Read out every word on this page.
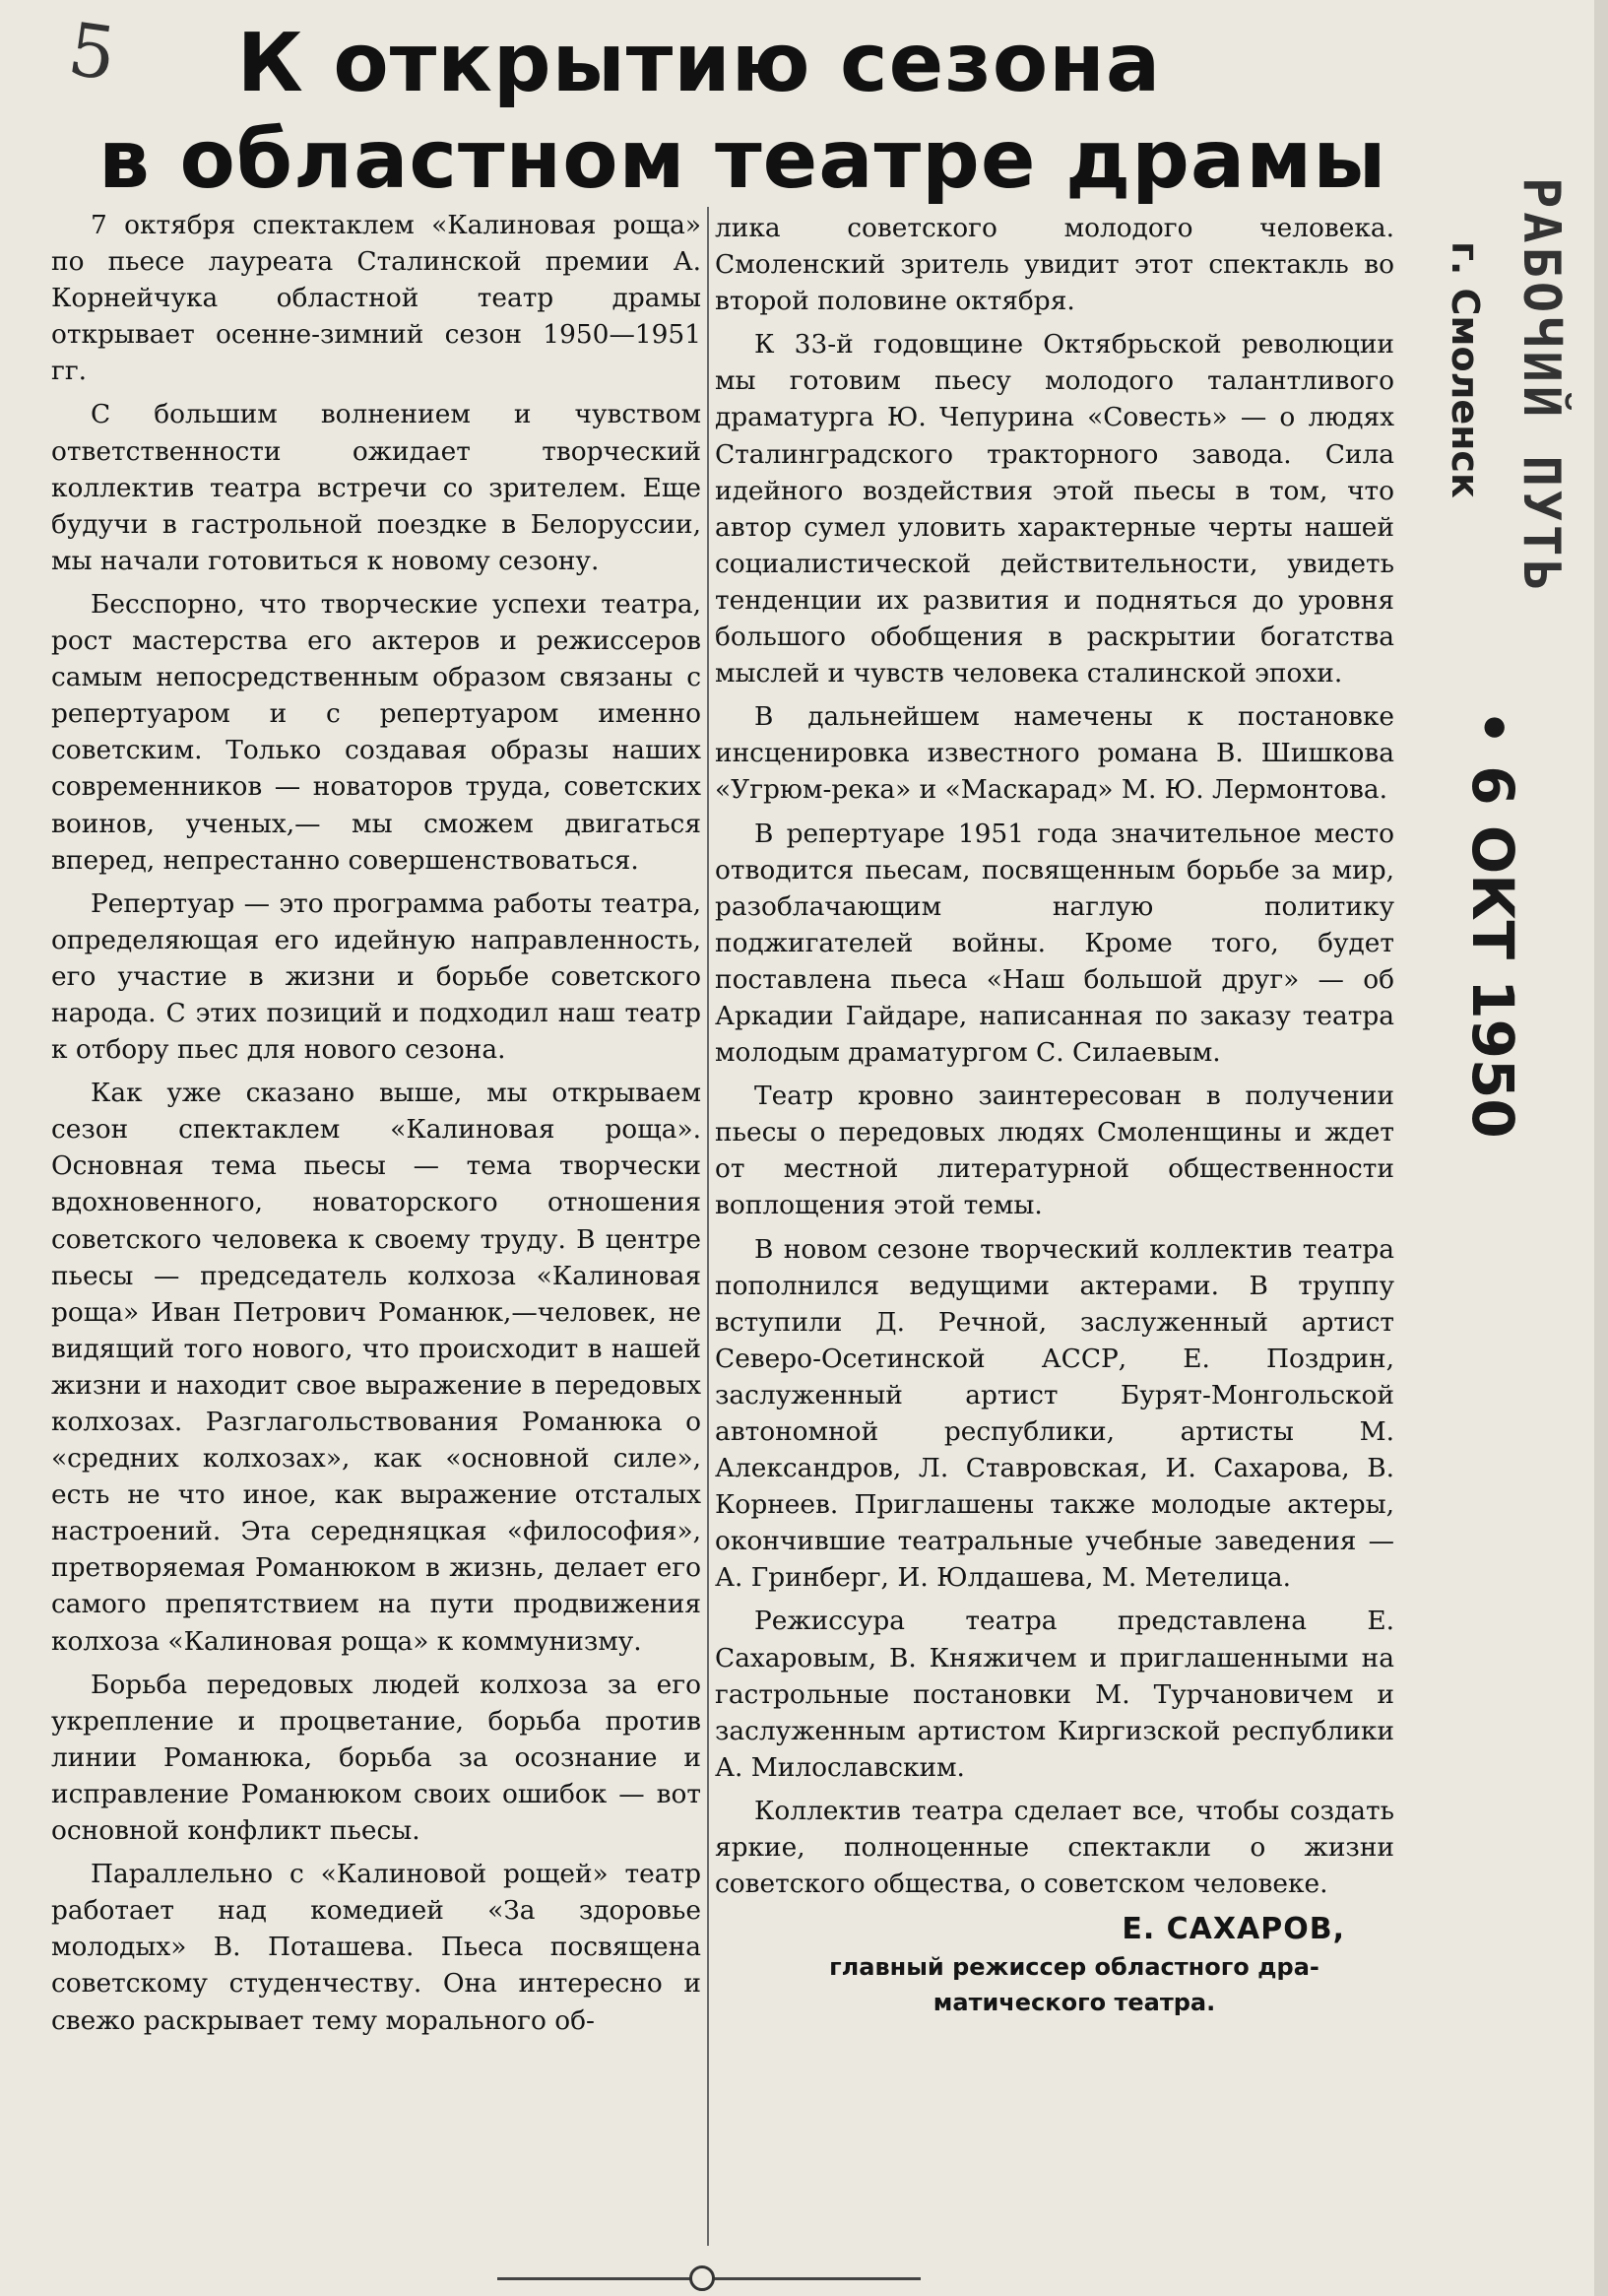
5	К открытию сезона
в областном театре драмы

7 октября спектаклем «Калиновая роща» по пьесе лауреата Сталинской премии А. Корнейчука областной театр драмы открывает осенне-зимний сезон 1950—1951 гг.

С большим волнением и чувством ответственности ожидает творческий коллектив театра встречи со зрителем. Еще будучи в гастрольной поездке в Белоруссии, мы начали готовиться к новому сезону.

Бесспорно, что творческие успехи театра, рост мастерства его актеров и режиссеров самым непосредственным образом связаны с репертуаром и с репертуаром именно советским. Только создавая образы наших современников — новаторов труда, советских воинов, ученых,— мы сможем двигаться вперед, непрестанно совершенствоваться.

Репертуар — это программа работы театра, определяющая его идейную направленность, его участие в жизни и борьбе советского народа. С этих позиций и подходил наш театр к отбору пьес для нового сезона.

Как уже сказано выше, мы открываем сезон спектаклем «Калиновая роща». Основная тема пьесы — тема творчески вдохновенного, новаторского отношения советского человека к своему труду. В центре пьесы — председатель колхоза «Калиновая роща» Иван Петрович Романюк,—человек, не видящий того нового, что происходит в нашей жизни и находит свое выражение в передовых колхозах. Разглагольствования Романюка о «средних колхозах», как «основной силе», есть не что иное, как выражение отсталых настроений. Эта середняцкая «философия», претворяемая Романюком в жизнь, делает его самого препятствием на пути продвижения колхоза «Калиновая роща» к коммунизму.

Борьба передовых людей колхоза за его укрепление и процветание, борьба против линии Романюка, борьба за осознание и исправление Романюком своих ошибок — вот основной конфликт пьесы.

Параллельно с «Калиновой рощей» театр работает над комедией «За здоровье молодых» В. Поташева. Пьеса посвящена советскому студенчеству. Она интересно и свежо раскрывает тему морального об-

лика советского молодого человека. Смоленский зритель увидит этот спектакль во второй половине октября.

К 33-й годовщине Октябрьской революции мы готовим пьесу молодого талантливого драматурга Ю. Чепурина «Совесть» — о людях Сталинградского тракторного завода. Сила идейного воздействия этой пьесы в том, что автор сумел уловить характерные черты нашей социалистической действительности, увидеть тенденции их развития и подняться до уровня большого обобщения в раскрытии богатства мыслей и чувств человека сталинской эпохи.

В дальнейшем намечены к постановке инсценировка известного романа В. Шишкова «Угрюм-река» и «Маскарад» М. Ю. Лермонтова.

В репертуаре 1951 года значительное место отводится пьесам, посвященным борьбе за мир, разоблачающим наглую политику поджигателей войны. Кроме того, будет поставлена пьеса «Наш большой друг» — об Аркадии Гайдаре, написанная по заказу театра молодым драматургом С. Силаевым.

Театр кровно заинтересован в получении пьесы о передовых людях Смоленщины и ждет от местной литературной общественности воплощения этой темы.

В новом сезоне творческий коллектив театра пополнился ведущими актерами. В труппу вступили Д. Речной, заслуженный артист Северо-Осетинской АССР, Е. Поздрин, заслуженный артист Бурят-Монгольской автономной республики, артисты М. Александров, Л. Ставровская, И. Сахарова, В. Корнеев. Приглашены также молодые актеры, окончившие театральные учебные заведения — А. Гринберг, И. Юлдашева, М. Метелица.

Режиссура театра представлена Е. Сахаровым, В. Княжичем и приглашенными на гастрольные постановки М. Турчановичем и заслуженным артистом Киргизской республики А. Милославским.

Коллектив театра сделает все, чтобы создать яркие, полноценные спектакли о жизни советского общества, о советском человеке.

Е. САХАРОВ,
главный режиссер областного дра-
матического театра.
РАБОЧИЙ ПУТЬ
г. Смоленск
• 6 ОКТ 1950
